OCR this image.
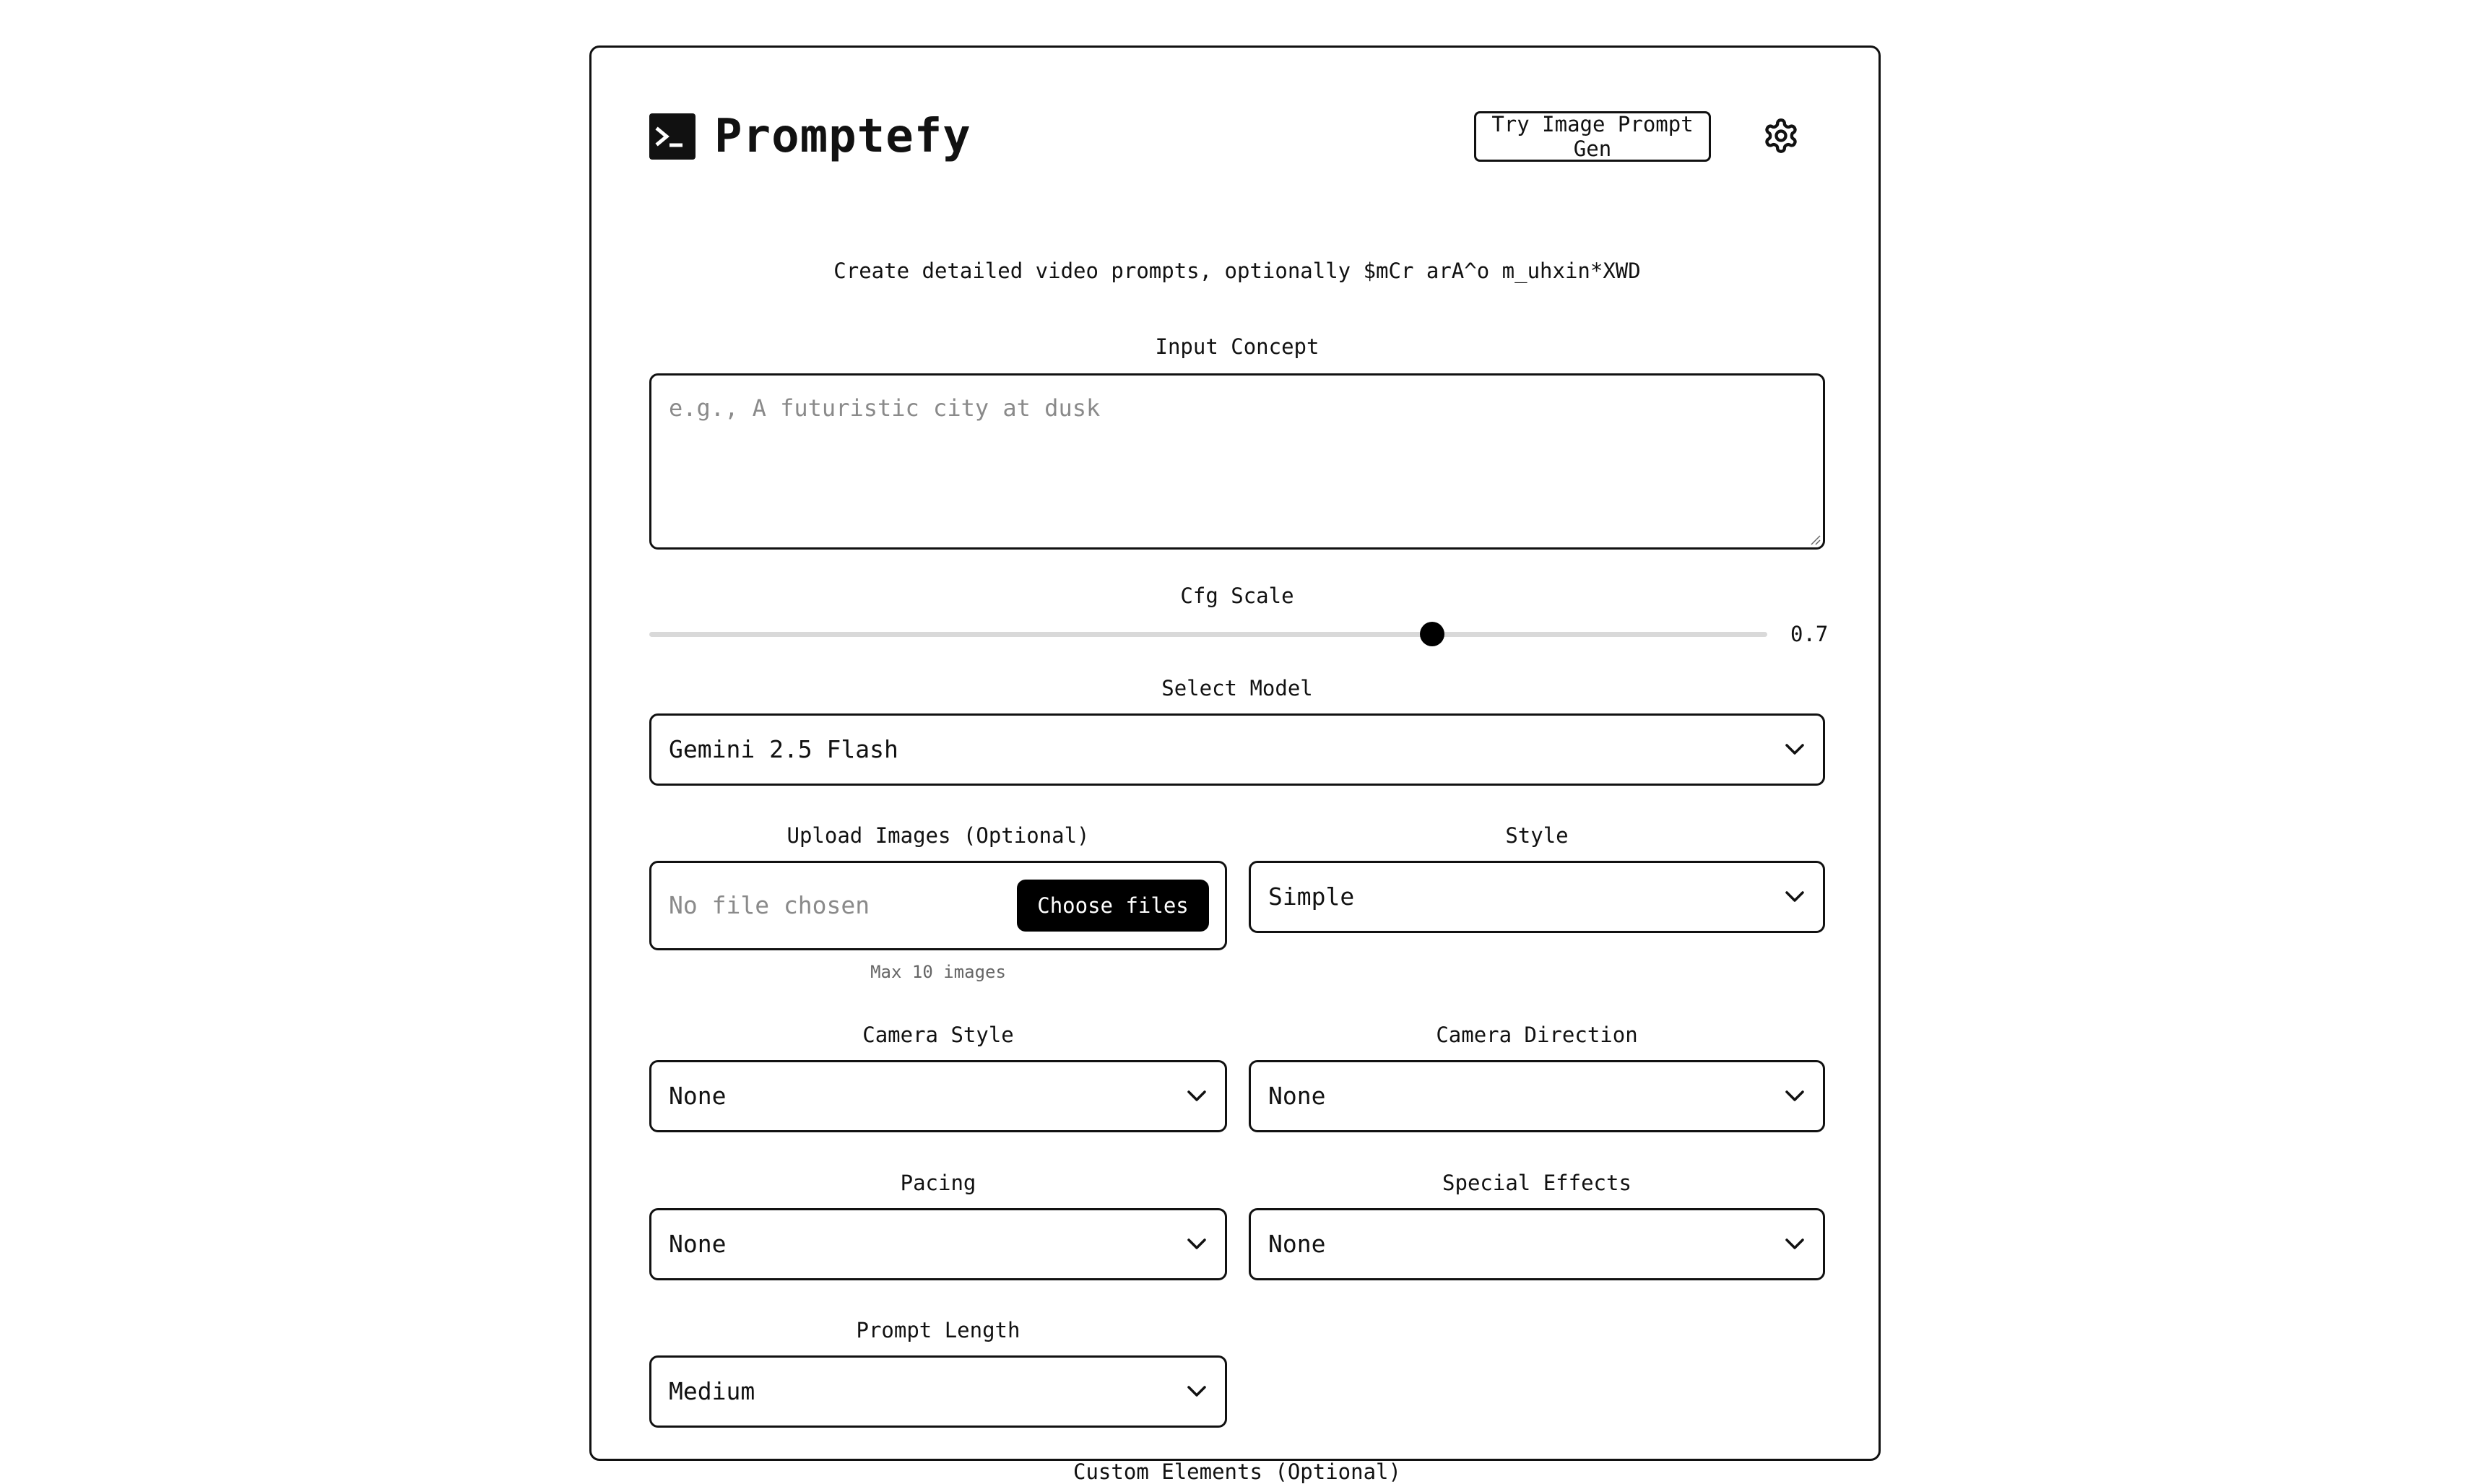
Promptefy	Try Image Prompt Gen
Create detailed video prompts, optionally $mCr arA^o m_uhxin*XWD
Input Concept
e.g., A futuristic city at dusk
Cfg Scale
0.7
Select Model
Gemini 2.5 Flash
Upload Images (Optional)
No file chosen	Choose files
Max 10 images
Style
Simple
Camera Style
None
Camera Direction
None
Pacing
None
Special Effects
None
Prompt Length
Medium
Custom Elements (Optional)
